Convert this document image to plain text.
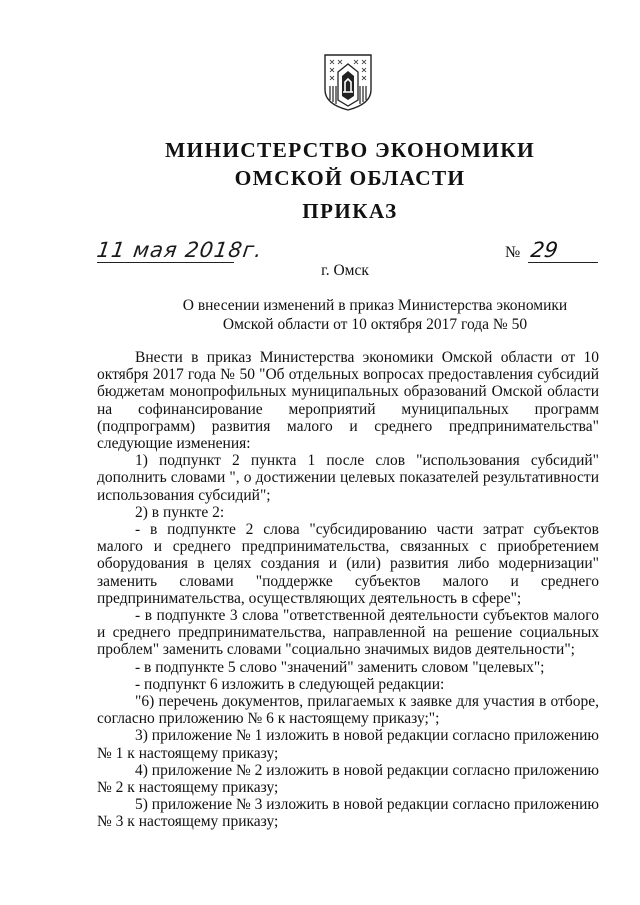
МИНИСТЕРСТВО ЭКОНОМИКИ
ОМСКОЙ ОБЛАСТИ
ПРИКАЗ
11 мая 2018г.	№ 29
г. Омск
О внесении изменений в приказ Министерства экономики Омской области от 10 октября 2017 года № 50

Внести в приказ Министерства экономики Омской области от 10 октября 2017 года № 50 "Об отдельных вопросах предоставления субсидий бюджетам монопрофильных муниципальных образований Омской области на софинансирование мероприятий муниципальных программ (подпрограмм) развития малого и среднего предпринимательства" следующие изменения:

1) подпункт 2 пункта 1 после слов "использования субсидий" дополнить словами ", о достижении целевых показателей результативности использования субсидий";

2) в пункте 2:

- в подпункте 2 слова "субсидированию части затрат субъектов малого и среднего предпринимательства, связанных с приобретением оборудования в целях создания и (или) развития либо модернизации" заменить словами "поддержке субъектов малого и среднего предпринимательства, осуществляющих деятельность в сфере";

- в подпункте 3 слова "ответственной деятельности субъектов малого и среднего предпринимательства, направленной на решение социальных проблем" заменить словами "социально значимых видов деятельности";

- в подпункте 5 слово "значений" заменить словом "целевых";

- подпункт 6 изложить в следующей редакции:

"6) перечень документов, прилагаемых к заявке для участия в отборе, согласно приложению № 6 к настоящему приказу;";

3) приложение № 1 изложить в новой редакции согласно приложению № 1 к настоящему приказу;

4) приложение № 2 изложить в новой редакции согласно приложению № 2 к настоящему приказу;

5) приложение № 3 изложить в новой редакции согласно приложению № 3 к настоящему приказу;
